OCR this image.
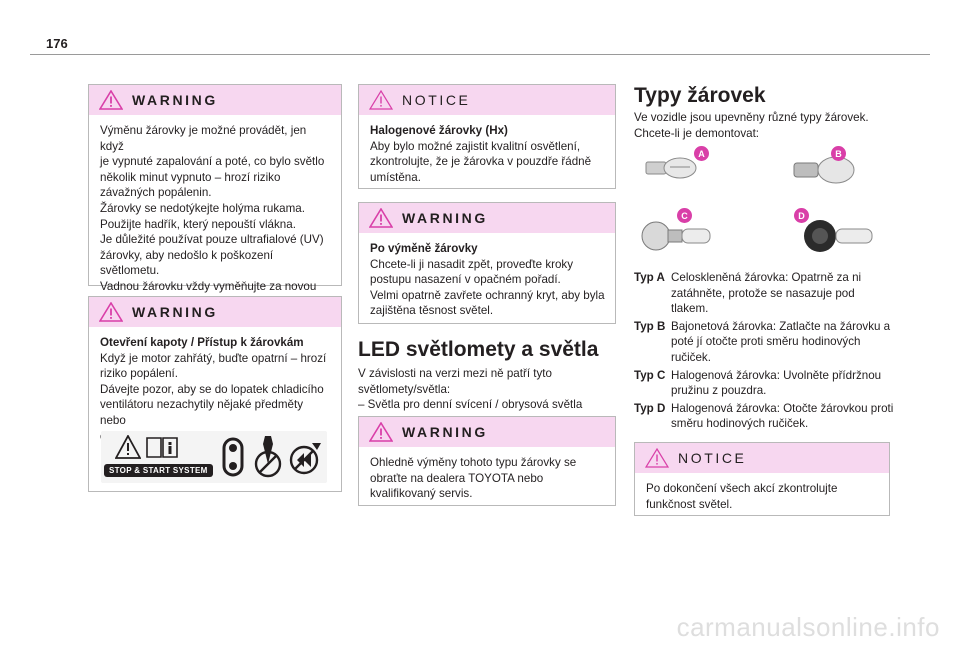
176
WARNING

Výměnu žárovky je možné provádět, jen když

je vypnuté zapalování a poté, co bylo světlo

několik minut vypnuto – hrozí riziko

závažných popálenin.

Žárovky se nedotýkejte holýma rukama.

Použijte hadřík, který nepouští vlákna.

Je důležité používat pouze ultrafialové (UV)

žárovky, aby nedošlo k poškození světlometu.

Vadnou žárovku vždy vyměňujte za novou

WARNING

Otevření kapoty / Přístup k žárovkám

Když je motor zahřátý, buďte opatrní – hrozí

riziko popálení.

Dávejte pozor, aby se do lopatek chladicího

ventilátoru nezachytily nějaké předměty nebo

STOP & START SYSTEM
NOTICE

Halogenové žárovky (Hx)

Aby bylo možné zajistit kvalitní osvětlení,

zkontrolujte, že je žárovka v pouzdře řádně

umístěna.

WARNING

Po výměně žárovky

Chcete-li ji nasadit zpět, proveďte kroky

postupu nasazení v opačném pořadí.

Velmi opatrně zavřete ochranný kryt, aby byla

zajištěna těsnost světel.

LED světlomety a světla

V závislosti na verzi mezi ně patří tyto

světlomety/světla:

– Světla pro denní svícení / obrysová světla

WARNING

Ohledně výměny tohoto typu žárovky se

obraťte na dealera TOYOTA nebo

kvalifikovaný servis.

Typy žárovek

Ve vozidle jsou upevněny různé typy žárovek.

Chcete-li je demontovat:

A	B
C	D
Typ A Celoskleněná žárovka: Opatrně za ni zatáhněte, protože se nasazuje pod tlakem.
Typ B Bajonetová žárovka: Zatlačte na žárovku a poté jí otočte proti směru hodinových ručiček.
Typ C Halogenová žárovka: Uvolněte přídržnou pružinu z pouzdra.
Typ D Halogenová žárovka: Otočte žárovkou proti směru hodinových ručiček.
NOTICE

Po dokončení všech akcí zkontrolujte

funkčnost světel.

carmanualsonline.info
